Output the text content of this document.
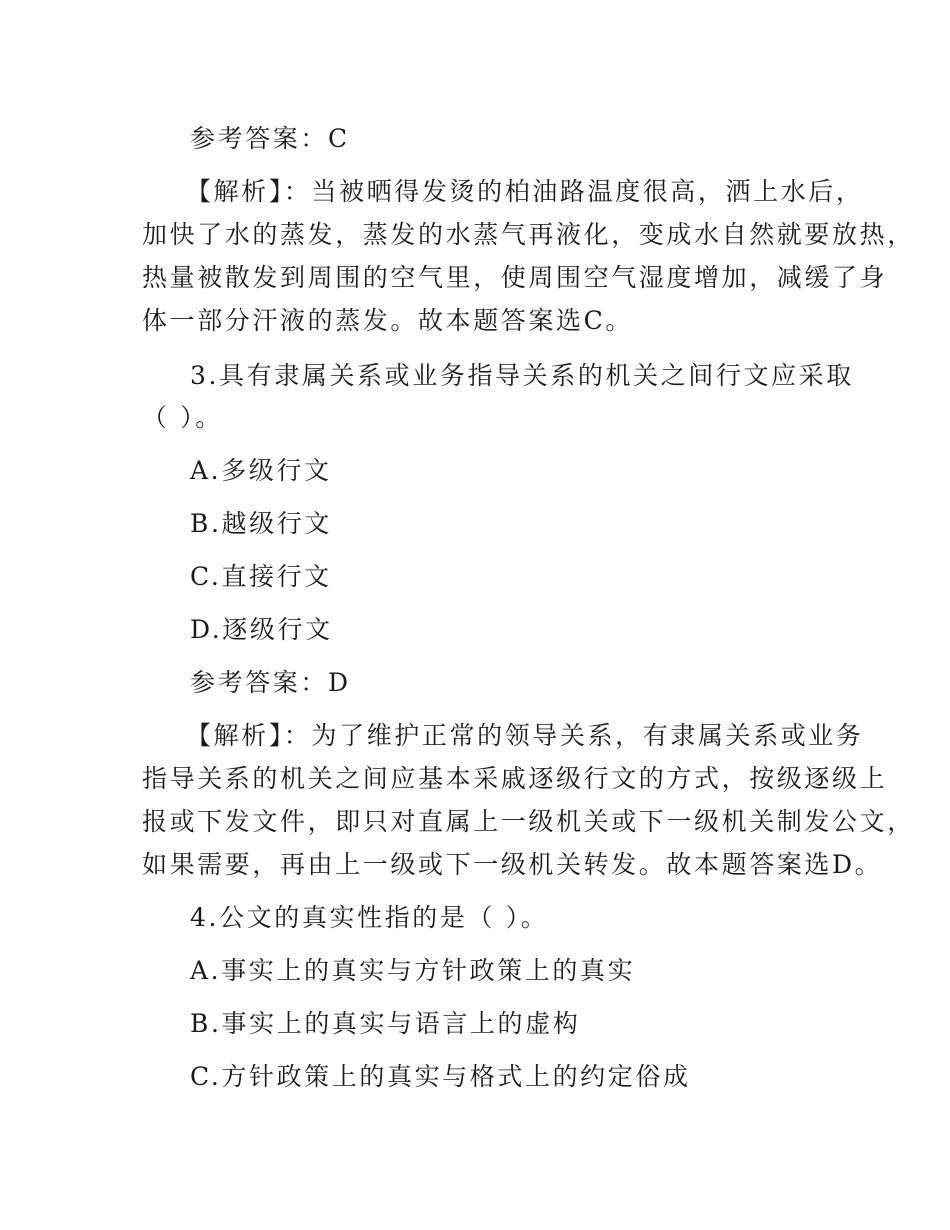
参考答案：C
【解析】：当被晒得发烫的柏油路温度很高，洒上水后，
加快了水的蒸发，蒸发的水蒸气再液化，变成水自然就要放热，
热量被散发到周围的空气里，使周围空气湿度增加，减缓了身
体一部分汗液的蒸发。故本题答案选C。
3.具有隶属关系或业务指导关系的机关之间行文应采取
（ ）。
A.多级行文
B.越级行文
C.直接行文
D.逐级行文
参考答案：D
【解析】：为了维护正常的领导关系，有隶属关系或业务
指导关系的机关之间应基本采戚逐级行文的方式，按级逐级上
报或下发文件，即只对直属上一级机关或下一级机关制发公文，
如果需要，再由上一级或下一级机关转发。故本题答案选D。
4.公文的真实性指的是（ ）。
A.事实上的真实与方针政策上的真实
B.事实上的真实与语言上的虚构
C.方针政策上的真实与格式上的约定俗成
